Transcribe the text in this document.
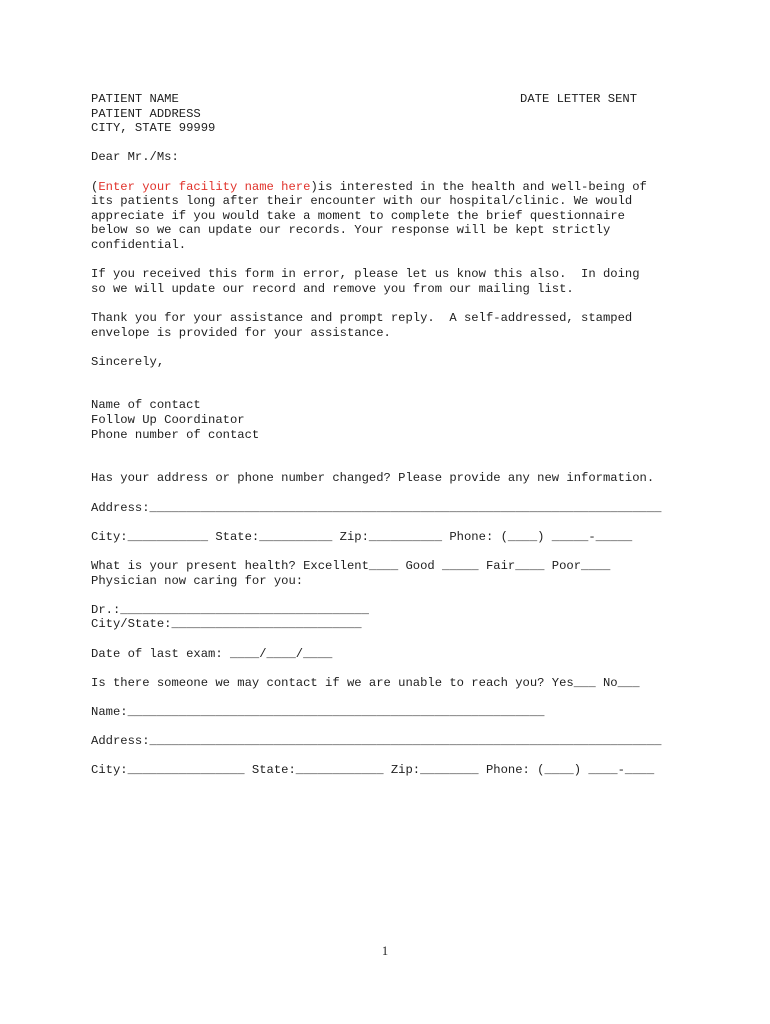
PATIENT NAME	DATE LETTER SENT
PATIENT ADDRESS
CITY, STATE 99999

Dear Mr./Ms:

(Enter your facility name here)is interested in the health and well-being of
its patients long after their encounter with our hospital/clinic. We would
appreciate if you would take a moment to complete the brief questionnaire
below so we can update our records. Your response will be kept strictly
confidential.

If you received this form in error, please let us know this also.  In doing
so we will update our record and remove you from our mailing list.

Thank you for your assistance and prompt reply.  A self-addressed, stamped
envelope is provided for your assistance.

Sincerely,

Name of contact
Follow Up Coordinator
Phone number of contact

Has your address or phone number changed? Please provide any new information.

Address:______________________________________________________________________

City:___________ State:__________ Zip:__________ Phone: (____) _____-_____

What is your present health? Excellent____ Good _____ Fair____ Poor____
Physician now caring for you:

Dr.:__________________________________
City/State:__________________________

Date of last exam: ____/____/____

Is there someone we may contact if we are unable to reach you? Yes___ No___

Name:_________________________________________________________

Address:______________________________________________________________________

City:________________ State:____________ Zip:________ Phone: (____) ____-____
1
